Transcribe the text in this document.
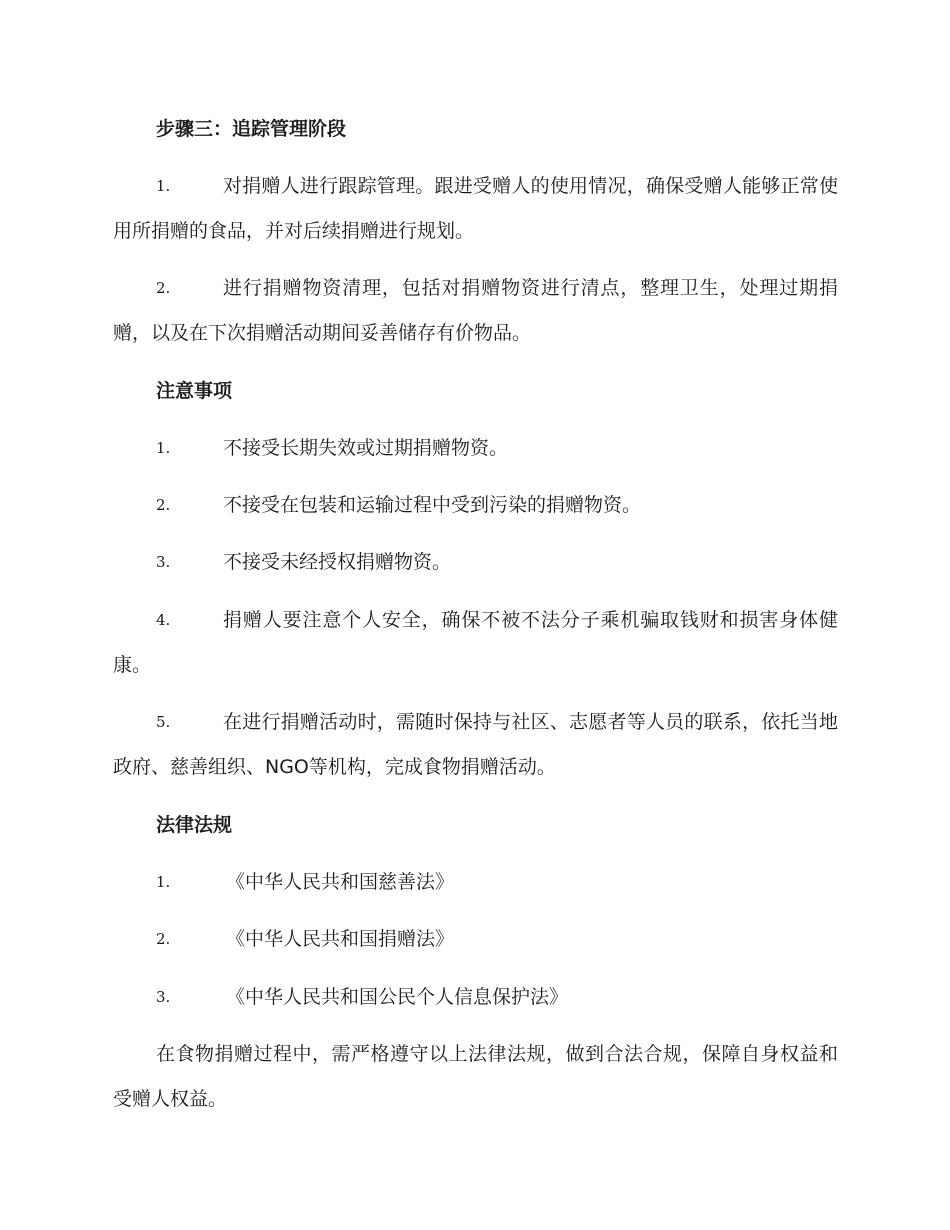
步骤三：追踪管理阶段
1.	对捐赠人进行跟踪管理。跟进受赠人的使用情况，确保受赠人能够正常使用所捐赠的食品，并对后续捐赠进行规划。
2.	进行捐赠物资清理，包括对捐赠物资进行清点，整理卫生，处理过期捐赠，以及在下次捐赠活动期间妥善储存有价物品。
注意事项
1.	不接受长期失效或过期捐赠物资。
2.	不接受在包装和运输过程中受到污染的捐赠物资。
3.	不接受未经授权捐赠物资。
4.	捐赠人要注意个人安全，确保不被不法分子乘机骗取钱财和损害身体健康。
5.	在进行捐赠活动时，需随时保持与社区、志愿者等人员的联系，依托当地政府、慈善组织、NGO等机构，完成食物捐赠活动。
法律法规
1.	《中华人民共和国慈善法》
2.	《中华人民共和国捐赠法》
3.	《中华人民共和国公民个人信息保护法》
在食物捐赠过程中，需严格遵守以上法律法规，做到合法合规，保障自身权益和受赠人权益。
